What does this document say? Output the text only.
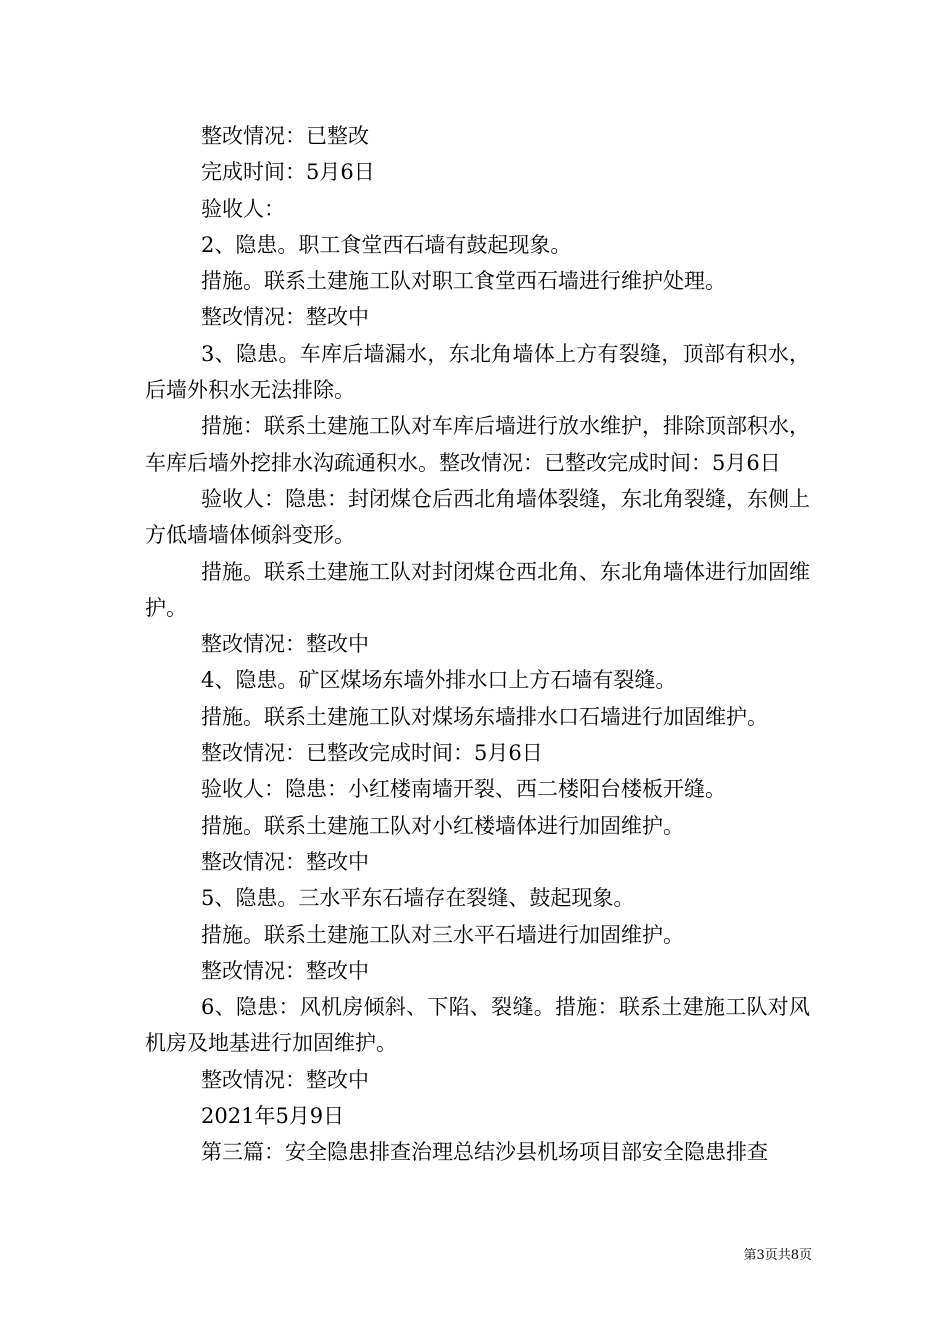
整改情况：已整改

完成时间：5月6日

验收人：

2、隐患。职工食堂西石墙有鼓起现象。

措施。联系土建施工队对职工食堂西石墙进行维护处理。

整改情况：整改中

3、隐患。车库后墙漏水，东北角墙体上方有裂缝，顶部有积水，后墙外积水无法排除。

措施：联系土建施工队对车库后墙进行放水维护，排除顶部积水，车库后墙外挖排水沟疏通积水。整改情况：已整改完成时间：5月6日

验收人：隐患：封闭煤仓后西北角墙体裂缝，东北角裂缝，东侧上方低墙墙体倾斜变形。

措施。联系土建施工队对封闭煤仓西北角、东北角墙体进行加固维护。

整改情况：整改中

4、隐患。矿区煤场东墙外排水口上方石墙有裂缝。

措施。联系土建施工队对煤场东墙排水口石墙进行加固维护。

整改情况：已整改完成时间：5月6日

验收人：隐患：小红楼南墙开裂、西二楼阳台楼板开缝。

措施。联系土建施工队对小红楼墙体进行加固维护。

整改情况：整改中

5、隐患。三水平东石墙存在裂缝、鼓起现象。

措施。联系土建施工队对三水平石墙进行加固维护。

整改情况：整改中

6、隐患：风机房倾斜、下陷、裂缝。措施：联系土建施工队对风机房及地基进行加固维护。

整改情况：整改中

2021年5月9日

第三篇：安全隐患排查治理总结沙县机场项目部安全隐患排查

第3页共8页
